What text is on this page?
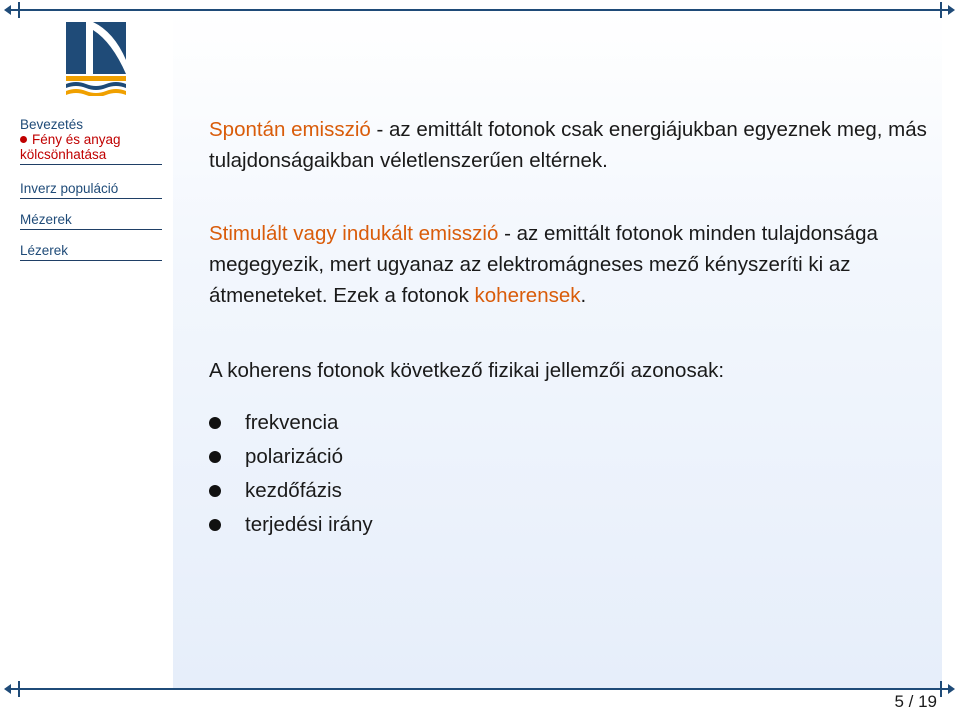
Bevezetés
Fény és anyag
kölcsönhatása
Inverz populáció
Mézerek
Lézerek
Spontán emisszió - az emittált fotonok csak energiájukban egyeznek meg, más tulajdonságaikban véletlenszerűen eltérnek.
Stimulált vagy indukált emisszió - az emittált fotonok minden tulajdonsága megegyezik, mert ugyanaz az elektromágneses mező kényszeríti ki az átmeneteket. Ezek a fotonok koherensek.
A koherens fotonok következő fizikai jellemzői azonosak:
frekvencia
polarizáció
kezdőfázis
terjedési irány
5 / 19
